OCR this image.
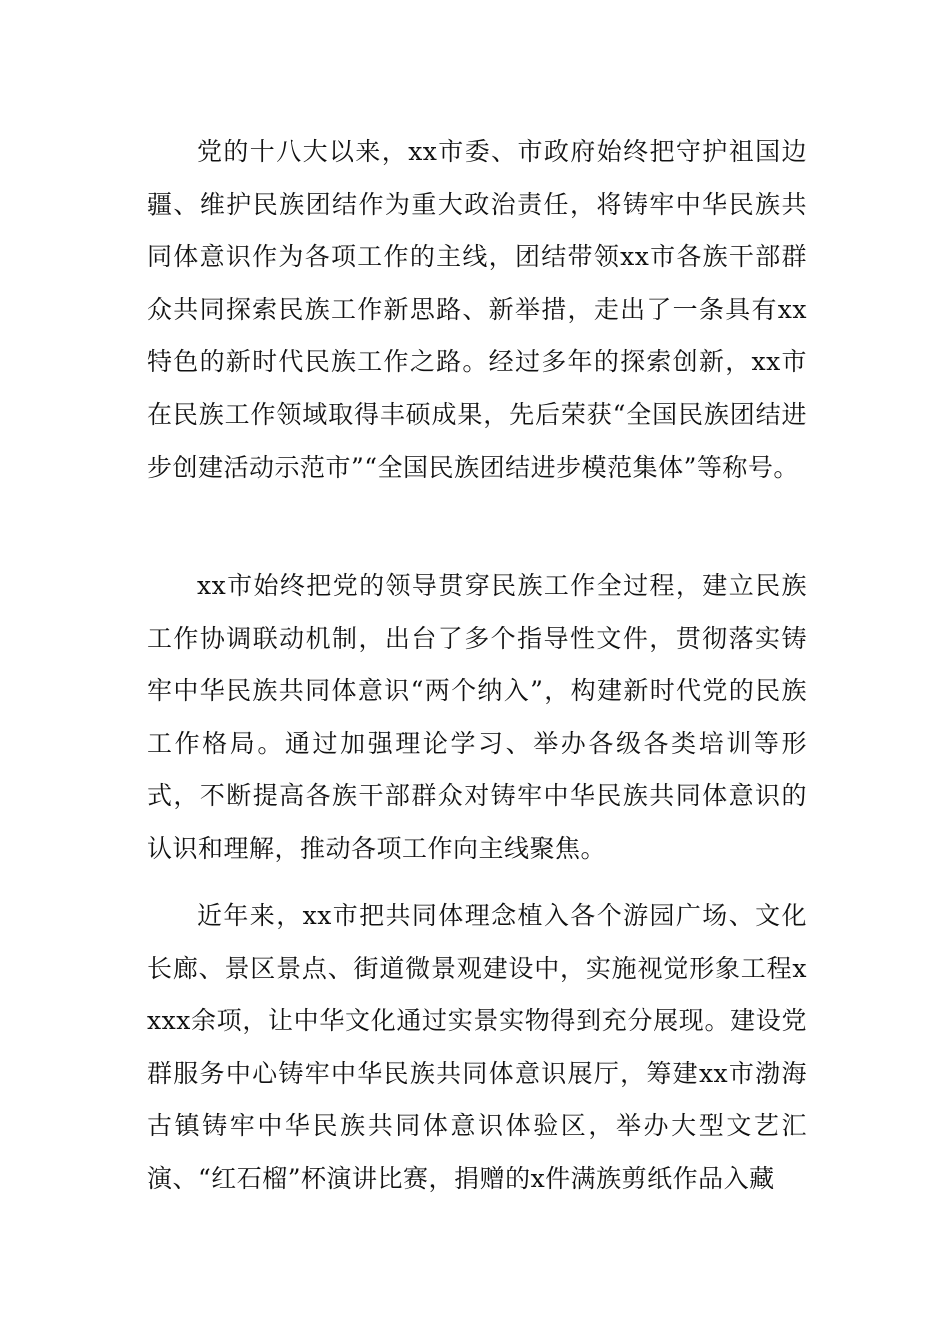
党的十八大以来，xx市委、市政府始终把守护祖国边疆、维护民族团结作为重大政治责任，将铸牢中华民族共同体意识作为各项工作的主线，团结带领xx市各族干部群众共同探索民族工作新思路、新举措，走出了一条具有xx特色的新时代民族工作之路。经过多年的探索创新，xx市在民族工作领域取得丰硕成果，先后荣获“全国民族团结进步创建活动示范市”“全国民族团结进步模范集体”等称号。

xx市始终把党的领导贯穿民族工作全过程，建立民族工作协调联动机制，出台了多个指导性文件，贯彻落实铸牢中华民族共同体意识“两个纳入”，构建新时代党的民族工作格局。通过加强理论学习、举办各级各类培训等形式，不断提高各族干部群众对铸牢中华民族共同体意识的认识和理解，推动各项工作向主线聚焦。

近年来，xx市把共同体理念植入各个游园广场、文化长廊、景区景点、街道微景观建设中，实施视觉形象工程xxxx余项，让中华文化通过实景实物得到充分展现。建设党群服务中心铸牢中华民族共同体意识展厅，筹建xx市渤海古镇铸牢中华民族共同体意识体验区，举办大型文艺汇演、“红石榴”杯演讲比赛，捐赠的x件满族剪纸作品入藏
